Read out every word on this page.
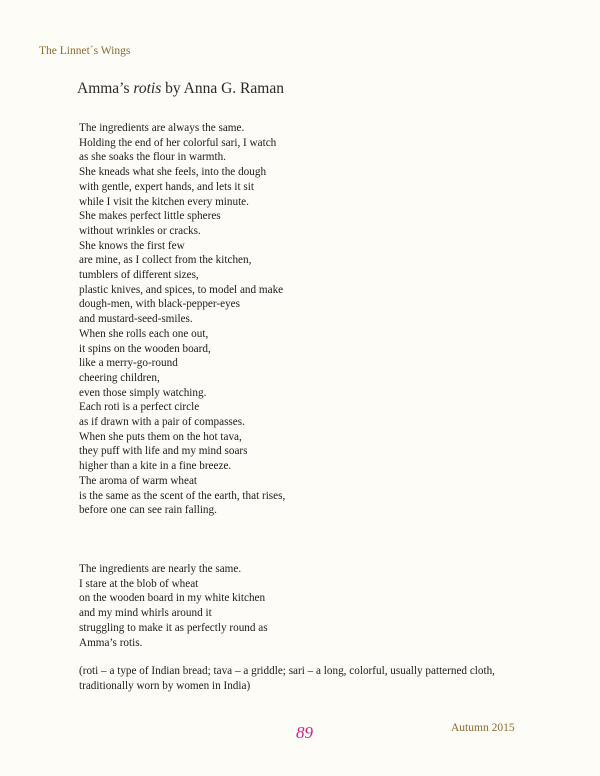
The Linnet´s Wings
Amma’s rotis by Anna G. Raman
The ingredients are always the same.
Holding the end of her colorful sari, I watch
as she soaks the flour in warmth.
She kneads what she feels, into the dough
with gentle, expert hands, and lets it sit
while I visit the kitchen every minute.
She makes perfect little spheres
without wrinkles or cracks.
She knows the first few
are mine, as I collect from the kitchen,
tumblers of different sizes,
plastic knives, and spices, to model and make
dough-men, with black-pepper-eyes
and mustard-seed-smiles.
When she rolls each one out,
it spins on the wooden board,
like a merry-go-round
cheering children,
even those simply watching.
Each roti is a perfect circle
as if drawn with a pair of compasses.
When she puts them on the hot tava,
they puff with life and my mind soars
higher than a kite in a fine breeze.
The aroma of warm wheat
is the same as the scent of the earth, that rises,
before one can see rain falling.
The ingredients are nearly the same.
I stare at the blob of wheat
on the wooden board in my white kitchen
and my mind whirls around it
struggling to make it as perfectly round as
Amma’s rotis.
(roti – a type of Indian bread; tava – a griddle; sari – a long, colorful, usually patterned cloth, traditionally worn by women in India)
89	Autumn 2015
